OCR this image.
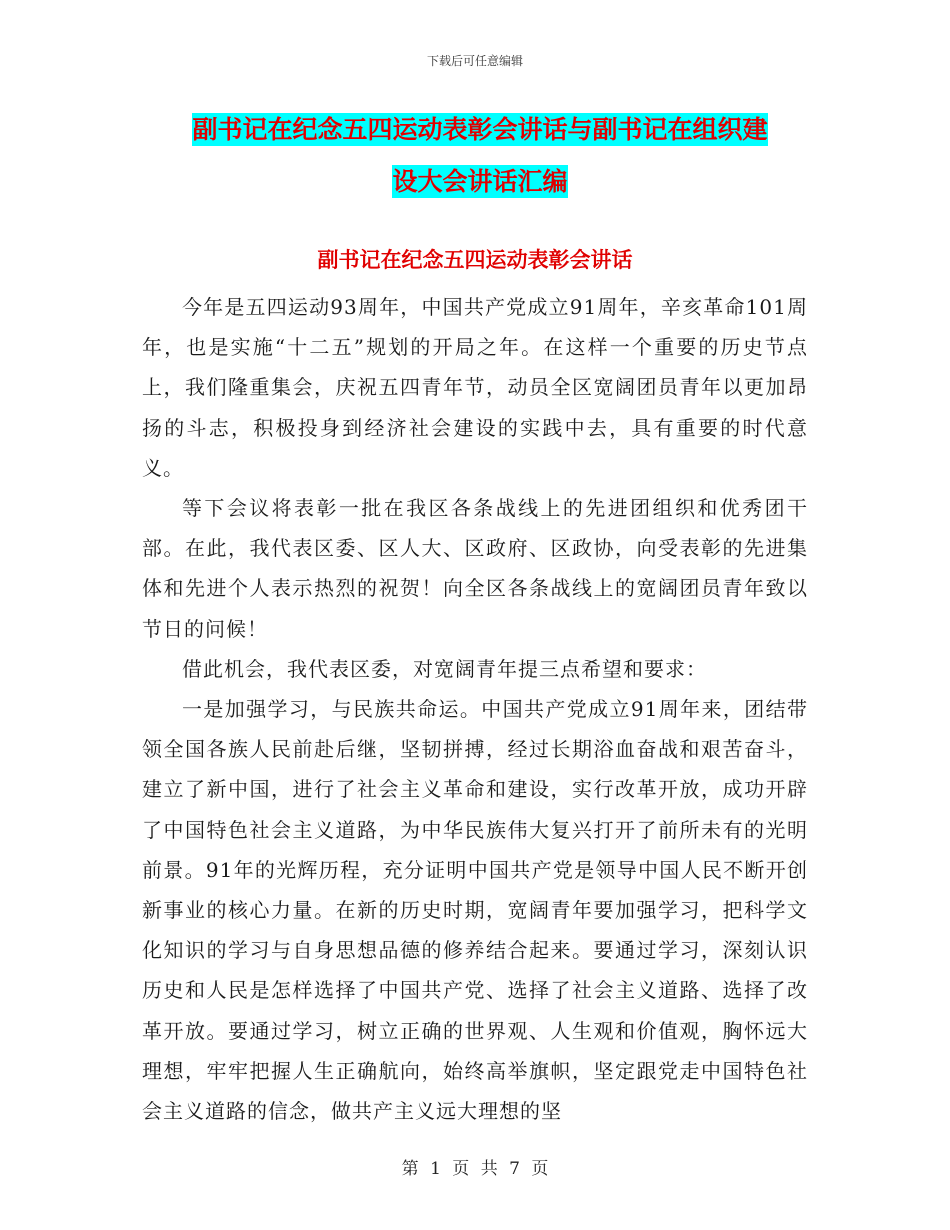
下载后可任意编辑
副书记在纪念五四运动表彰会讲话与副书记在组织建
设大会讲话汇编
副书记在纪念五四运动表彰会讲话

今年是五四运动93周年，中国共产党成立91周年，辛亥革命101周年，也是实施“十二五”规划的开局之年。在这样一个重要的历史节点上，我们隆重集会，庆祝五四青年节，动员全区宽阔团员青年以更加昂扬的斗志，积极投身到经济社会建设的实践中去，具有重要的时代意义。

等下会议将表彰一批在我区各条战线上的先进团组织和优秀团干部。在此，我代表区委、区人大、区政府、区政协，向受表彰的先进集体和先进个人表示热烈的祝贺！向全区各条战线上的宽阔团员青年致以节日的问候！

借此机会，我代表区委，对宽阔青年提三点希望和要求：

一是加强学习，与民族共命运。中国共产党成立91周年来，团结带领全国各族人民前赴后继，坚韧拼搏，经过长期浴血奋战和艰苦奋斗，建立了新中国，进行了社会主义革命和建设，实行改革开放，成功开辟了中国特色社会主义道路，为中华民族伟大复兴打开了前所未有的光明前景。91年的光辉历程，充分证明中国共产党是领导中国人民不断开创新事业的核心力量。在新的历史时期，宽阔青年要加强学习，把科学文化知识的学习与自身思想品德的修养结合起来。要通过学习，深刻认识历史和人民是怎样选择了中国共产党、选择了社会主义道路、选择了改革开放。要通过学习，树立正确的世界观、人生观和价值观，胸怀远大理想，牢牢把握人生正确航向，始终高举旗帜，坚定跟党走中国特色社会主义道路的信念，做共产主义远大理想的坚

第 1 页 共 7 页
